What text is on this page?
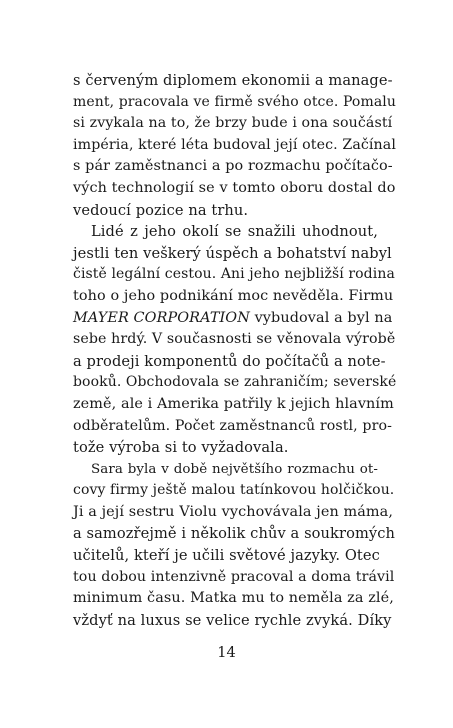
s červeným diplomem ekonomii a manage-
ment, pracovala ve firmě svého otce. Pomalu
si zvykala na to, že brzy bude i ona součástí
impéria, které léta budoval její otec. Začínal
s pár zaměstnanci a po rozmachu počítačo-
vých technologií se v tomto oboru dostal do
vedoucí pozice na trhu.

Lidé z jeho okolí se snažili uhodnout,
jestli ten veškerý úspěch a bohatství nabyl
čistě legální cestou. Ani jeho nejbližší rodina
toho o jeho podnikání moc nevěděla. Firmu
MAYER CORPORATION vybudoval a byl na
sebe hrdý. V současnosti se věnovala výrobě
a prodeji komponentů do počítačů a note-
booků. Obchodovala se zahraničím; severské
země, ale i Amerika patřily k jejich hlavním
odběratelům. Počet zaměstnanců rostl, pro-
tože výroba si to vyžadovala.

Sara byla v době největšího rozmachu ot-
covy firmy ještě malou tatínkovou holčičkou.
Ji a její sestru Violu vychovávala jen máma,
a samozřejmě i několik chův a soukromých
učitelů, kteří je učili světové jazyky. Otec
tou dobou intenzivně pracoval a doma trávil
minimum času. Matka mu to neměla za zlé,
vždyť na luxus se velice rychle zvyká. Díky

14
